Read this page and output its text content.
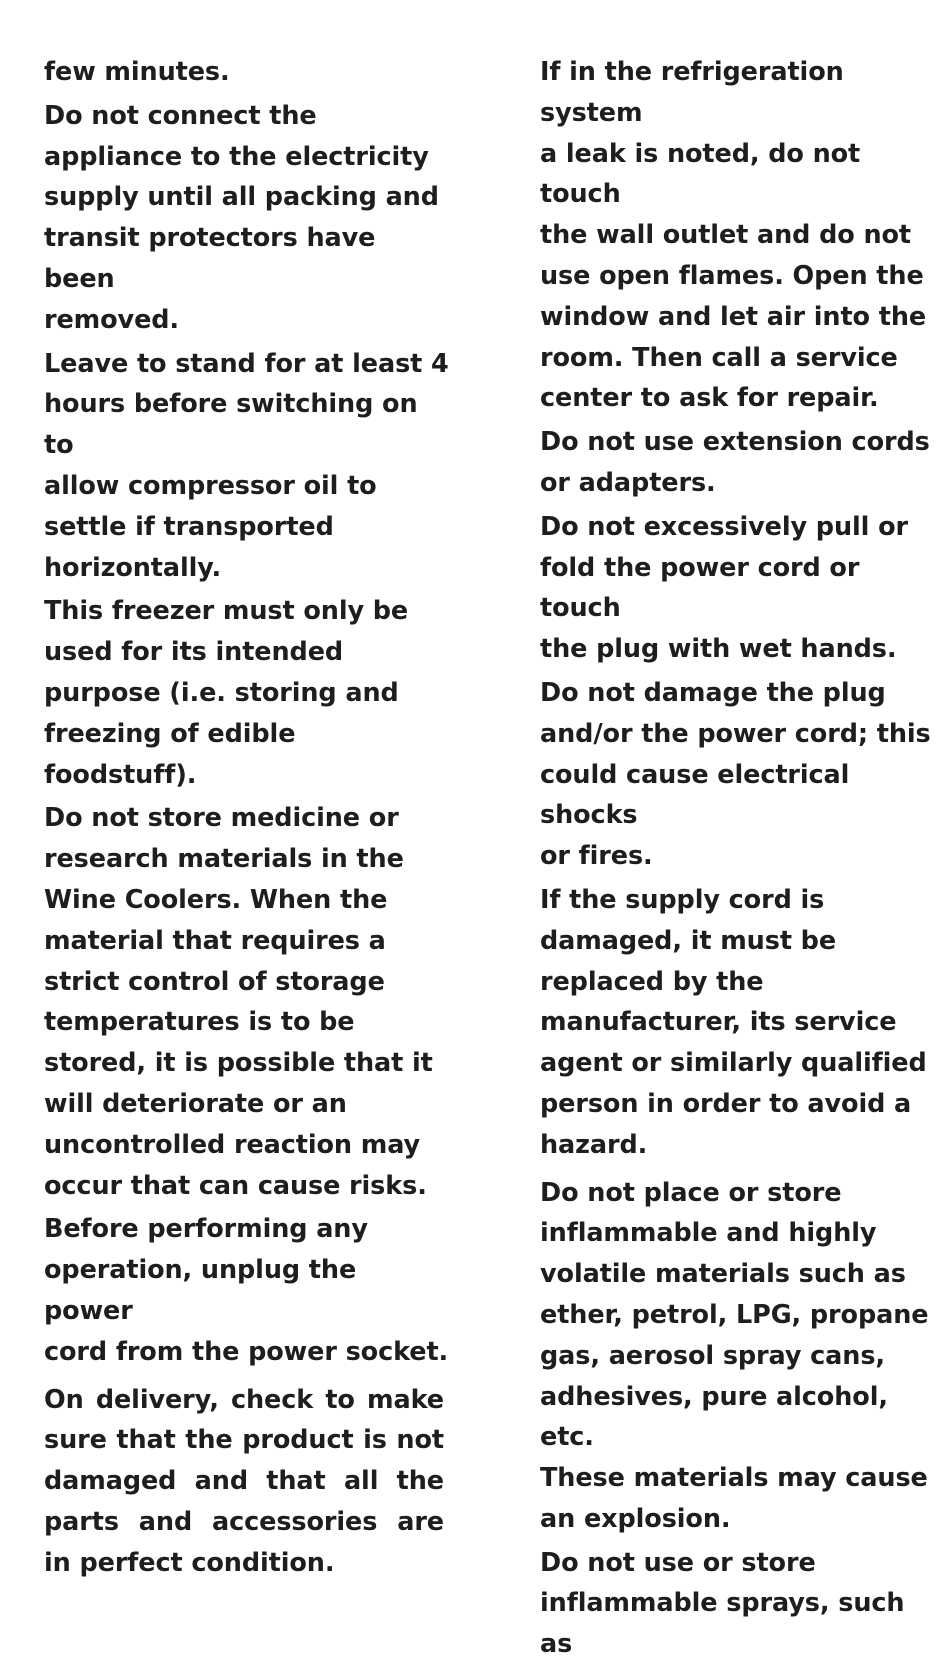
few minutes.

Do not connect the
appliance to the electricity
supply until all packing and
transit protectors have been
removed.

Leave to stand for at least 4
hours before switching on to
allow compressor oil to
settle if transported
horizontally.

This freezer must only be
used for its intended
purpose (i.e. storing and
freezing of edible foodstuff).

Do not store medicine or
research materials in the
Wine Coolers. When the
material that requires a
strict control of storage
temperatures is to be
stored, it is possible that it
will deteriorate or an
uncontrolled reaction may
occur that can cause risks.

Before performing any
operation, unplug the power
cord from the power socket.

On delivery, check to make sure that the product is not damaged and that all the parts and accessories are in perfect condition.

If in the refrigeration system
a leak is noted, do not touch
the wall outlet and do not
use open flames. Open the
window and let air into the
room. Then call a service
center to ask for repair.

Do not use extension cords
or adapters.

Do not excessively pull or
fold the power cord or touch
the plug with wet hands.

Do not damage the plug
and/or the power cord; this
could cause electrical shocks
or fires.

If the supply cord is
damaged, it must be
replaced by the
manufacturer, its service
agent or similarly qualified
person in order to avoid a
hazard.

Do not place or store
inflammable and highly
volatile materials such as
ether, petrol, LPG, propane
gas, aerosol spray cans,
adhesives, pure alcohol, etc.
These materials may cause
an explosion.

Do not use or store
inflammable sprays, such as
